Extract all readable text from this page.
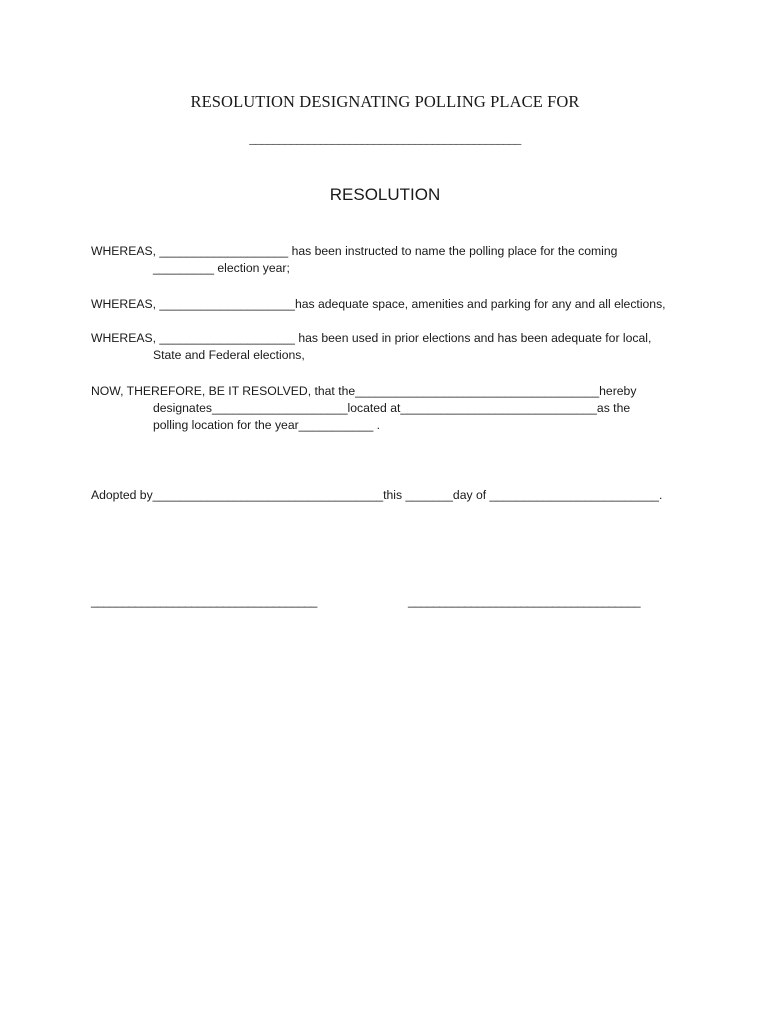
RESOLUTION DESIGNATING POLLING PLACE FOR
______________________________________________
RESOLUTION
WHEREAS, ___________________ has been instructed to name the polling place for the coming
_________ election year;
WHEREAS, ____________________has adequate space, amenities and parking for any and all elections,
WHEREAS, ____________________ has been used in prior elections and has been adequate for local,
State and Federal elections,
NOW, THEREFORE, BE IT RESOLVED, that the____________________________________hereby
designates____________________located at_____________________________as the
polling location for the year___________ .
Adopted by__________________________________this _______day of _________________________.
____________________________________	_____________________________________
